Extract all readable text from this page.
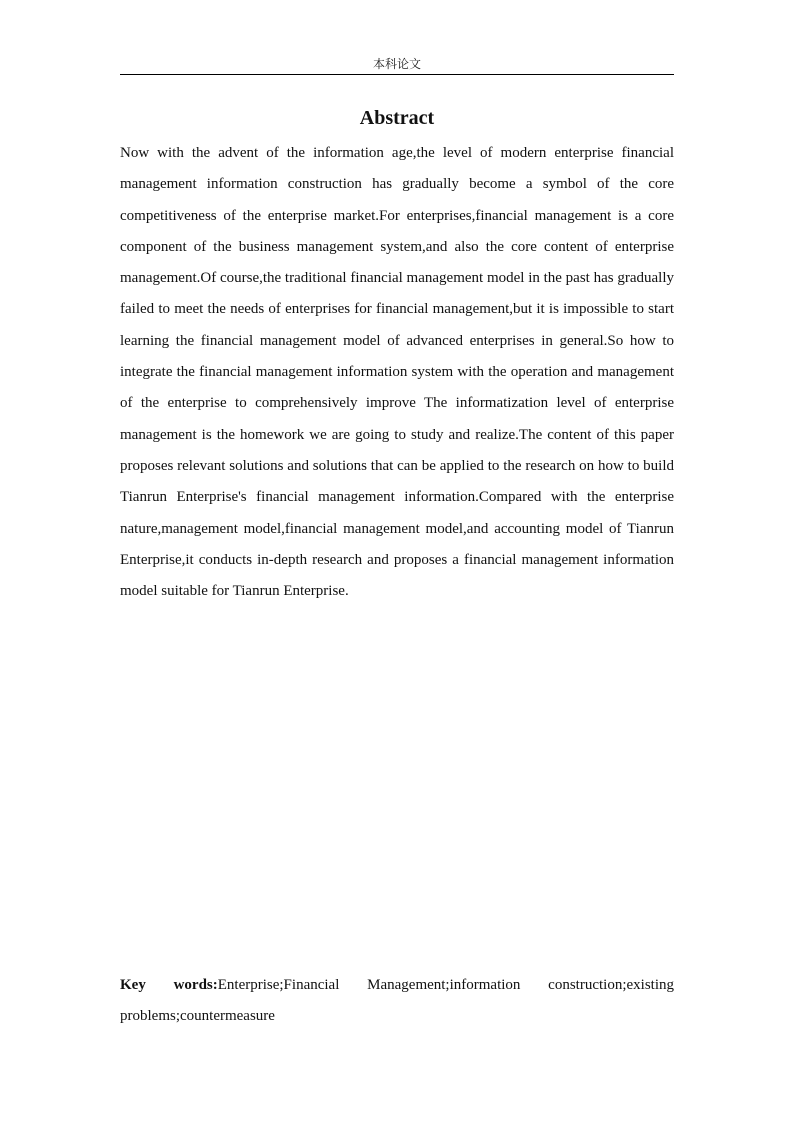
本科论文
Abstract

Now with the advent of the information age,the level of modern enterprise financial management information construction has gradually become a symbol of the core competitiveness of the enterprise market.For enterprises,financial management is a core component of the business management system,and also the core content of enterprise management.Of course,the traditional financial management model in the past has gradually failed to meet the needs of enterprises for financial management,but it is impossible to start learning the financial management model of advanced enterprises in general.So how to integrate the financial management information system with the operation and management of the enterprise to comprehensively improve The informatization level of enterprise management is the homework we are going to study and realize.The content of this paper proposes relevant solutions and solutions that can be applied to the research on how to build Tianrun Enterprise's financial management information.Compared with the enterprise nature,management model,financial management model,and accounting model of Tianrun Enterprise,it conducts in-depth research and proposes a financial management information model suitable for Tianrun Enterprise.

Key words:Enterprise;Financial Management;information construction;existing problems;countermeasure
